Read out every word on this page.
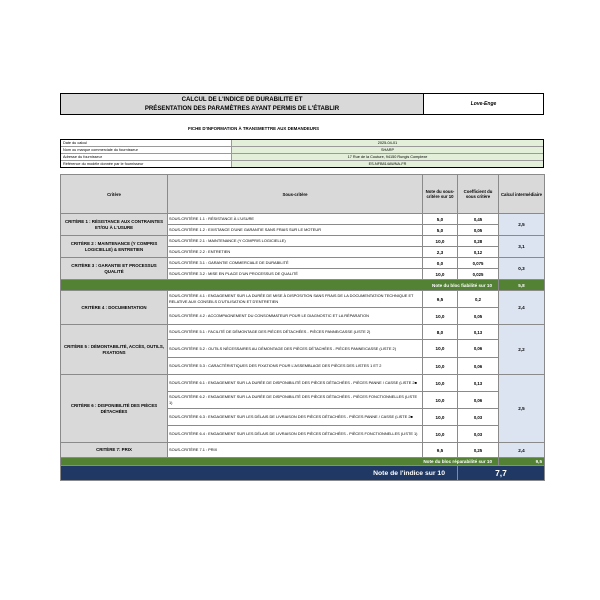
CALCUL DE L'INDICE DE DURABILITE ET
PRÉSENTATION DES PARAMÈTRES AYANT PERMIS DE L'ÉTABLIR
Love-Enge
FICHE D'INFORMATION À TRANSMETTRE AUX DEMANDEURS
Date du calcul	2025-04-01
Nom ou marque commerciale du fournisseur	SHARP
Adresse du fournisseur	17 Rue de la Couture, 94150 Rungis Complexe
Référence du modèle donnée par le fournisseur	ES-NFB814AWNA-FR
Critère	Sous-critère	Note du sous-critère sur 10	Coefficient du sous critère	Calcul intermédiaire
CRITÈRE 1 : RÉSISTANCE AUX CONTRAINTES ET/OU À L'USURE	SOUS-CRITÈRE 1.1 : RÉSISTANCE À L'USURE	5,0	0,45	2,5
	SOUS-CRITÈRE 1.2 : EXISTANCE D'UNE GARANTIE SANS FRAIS SUR LE MOTEUR	5,0	0,05	
CRITÈRE 2 : MAINTENANCE (Y COMPRIS LOGICIELLE) & ENTRETIEN	SOUS-CRITÈRE 2.1 : MAINTENANCE (Y COMPRIS LOGICIELLE)	10,0	0,28	3,1
	SOUS-CRITÈRE 2.2 : ENTRETIEN	2,3	0,12	
CRITÈRE 3 : GARANTIE ET PROCESSUS QUALITÉ	SOUS-CRITÈRE 3.1 : GARANTIE COMMERCIALE DE DURABILITÉ	0,0	0,075	0,3
	SOUS-CRITÈRE 3.2 : MISE EN PLACE D'UN PROCESSUS DE QUALITÉ	10,0	0,025	
Note du bloc fiabilité sur 10				5,8
CRITÈRE 4 : DOCUMENTATION	SOUS-CRITÈRE 4.1 : ENGAGEMENT SUR LA DURÉE DE MISE À DISPOSITION SANS FRAIS DE LA DOCUMENTATION TECHNIQUE ET RELATIVE AUX CONSEILS D'UTILISATION ET D'ENTRETIEN	9,5	0,2	2,4
	SOUS-CRITÈRE 4.2 : ACCOMPAGNEMENT DU CONSOMMATEUR POUR LE DIAGNOSTIC ET LA RÉPARATION	10,0	0,05	
CRITÈRE 5 : DÉMONTABILITÉ, ACCÈS, OUTILS, FIXATIONS	SOUS-CRITÈRE 5.1 : FACILITÉ DE DÉMONTAGE DES PIÈCES DÉTACHÉES - PIÈCES PANNE/CASSE (LISTE 2)	8,0	0,13	2,2
	SOUS-CRITÈRE 5.2 : OUTILS NÉCESSAIRES AU DÉMONTAGE DES PIÈCES DÉTACHÉES - PIÈCES PANNE/CASSE (LISTE 2)	10,0	0,06	
	SOUS-CRITÈRE 5.3 : CARACTÉRISTIQUES DES FIXATIONS POUR L'ASSEMBLAGE DES PIÈCES DES LISTES 1 ET 2	10,0	0,06	
CRITÈRE 6 : DISPONIBILITÉ DES PIÈCES DÉTACHÉES	SOUS-CRITÈRE 6.1 : ENGAGEMENT SUR LA DURÉE DE DISPONIBILITÉ DES PIÈCES DÉTACHÉES - PIÈCES PANNE / CASSE (LISTE 2■	10,0	0,13	2,5
	SOUS-CRITÈRE 6.2 : ENGAGEMENT SUR LA DURÉE DE DISPONIBILITÉ DES PIÈCES DÉTACHÉES - PIÈCES FONCTIONNELLES (LISTE 1)	10,0	0,06	
	SOUS-CRITÈRE 6.3 : ENGAGEMENT SUR LES DÉLAIS DE LIVRAISON DES PIÈCES DÉTACHÉES - PIÈCES PANNE / CASSE (LISTE 2■	10,0	0,03	
	SOUS-CRITÈRE 6.4 : ENGAGEMENT SUR LES DÉLAIS DE LIVRAISON DES PIÈCES DÉTACHÉES - PIÈCES FONCTIONNELLES (LISTE 1)	10,0	0,03	
CRITÈRE 7: PRIX	SOUS-CRITÈRE 7.1 : PRIX	9,5	0,25	2,4
Note du bloc réparabilité sur 10				9,5
Note de l'indice sur 10			7,7	
